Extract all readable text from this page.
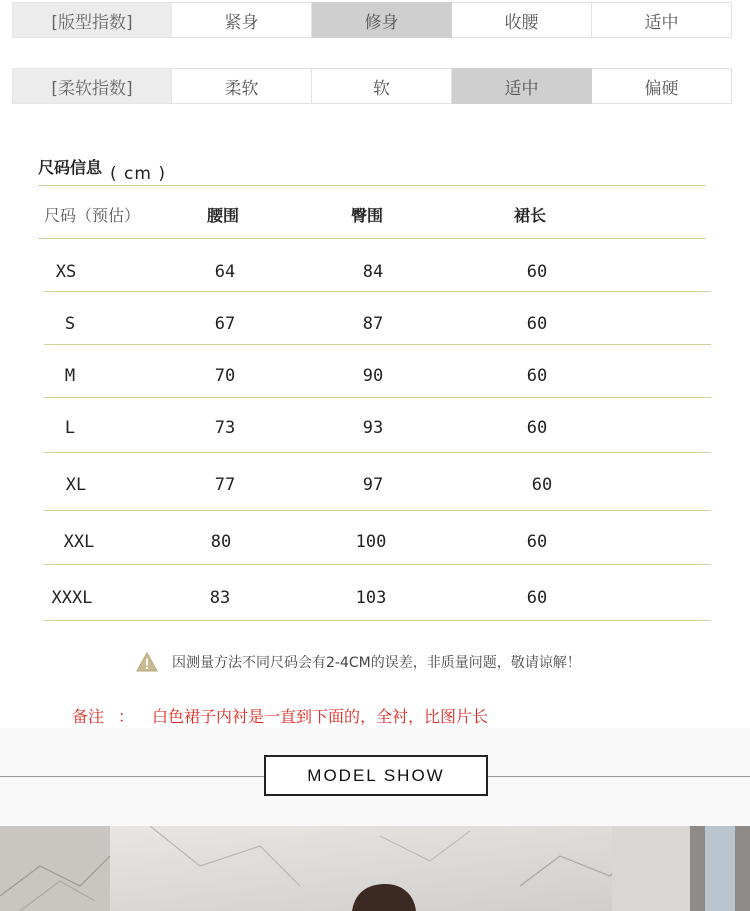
[版型指数]	紧身	修身	收腰	适中
[柔软指数]	柔软	软	适中	偏硬
尺码信息 ( cm )
尺码（预估）	腰围	臀围	裙长
XS	64	84	60
S	67	87	60
M	70	90	60
L	73	93	60
XL	77	97	60
XXL	80	100	60
XXXL	83	103	60
因测量方法不同尺码会有2-4CM的误差，非质量问题，敬请谅解！
备注 ： 白色裙子内衬是一直到下面的，全衬，比图片长
MODEL SHOW
